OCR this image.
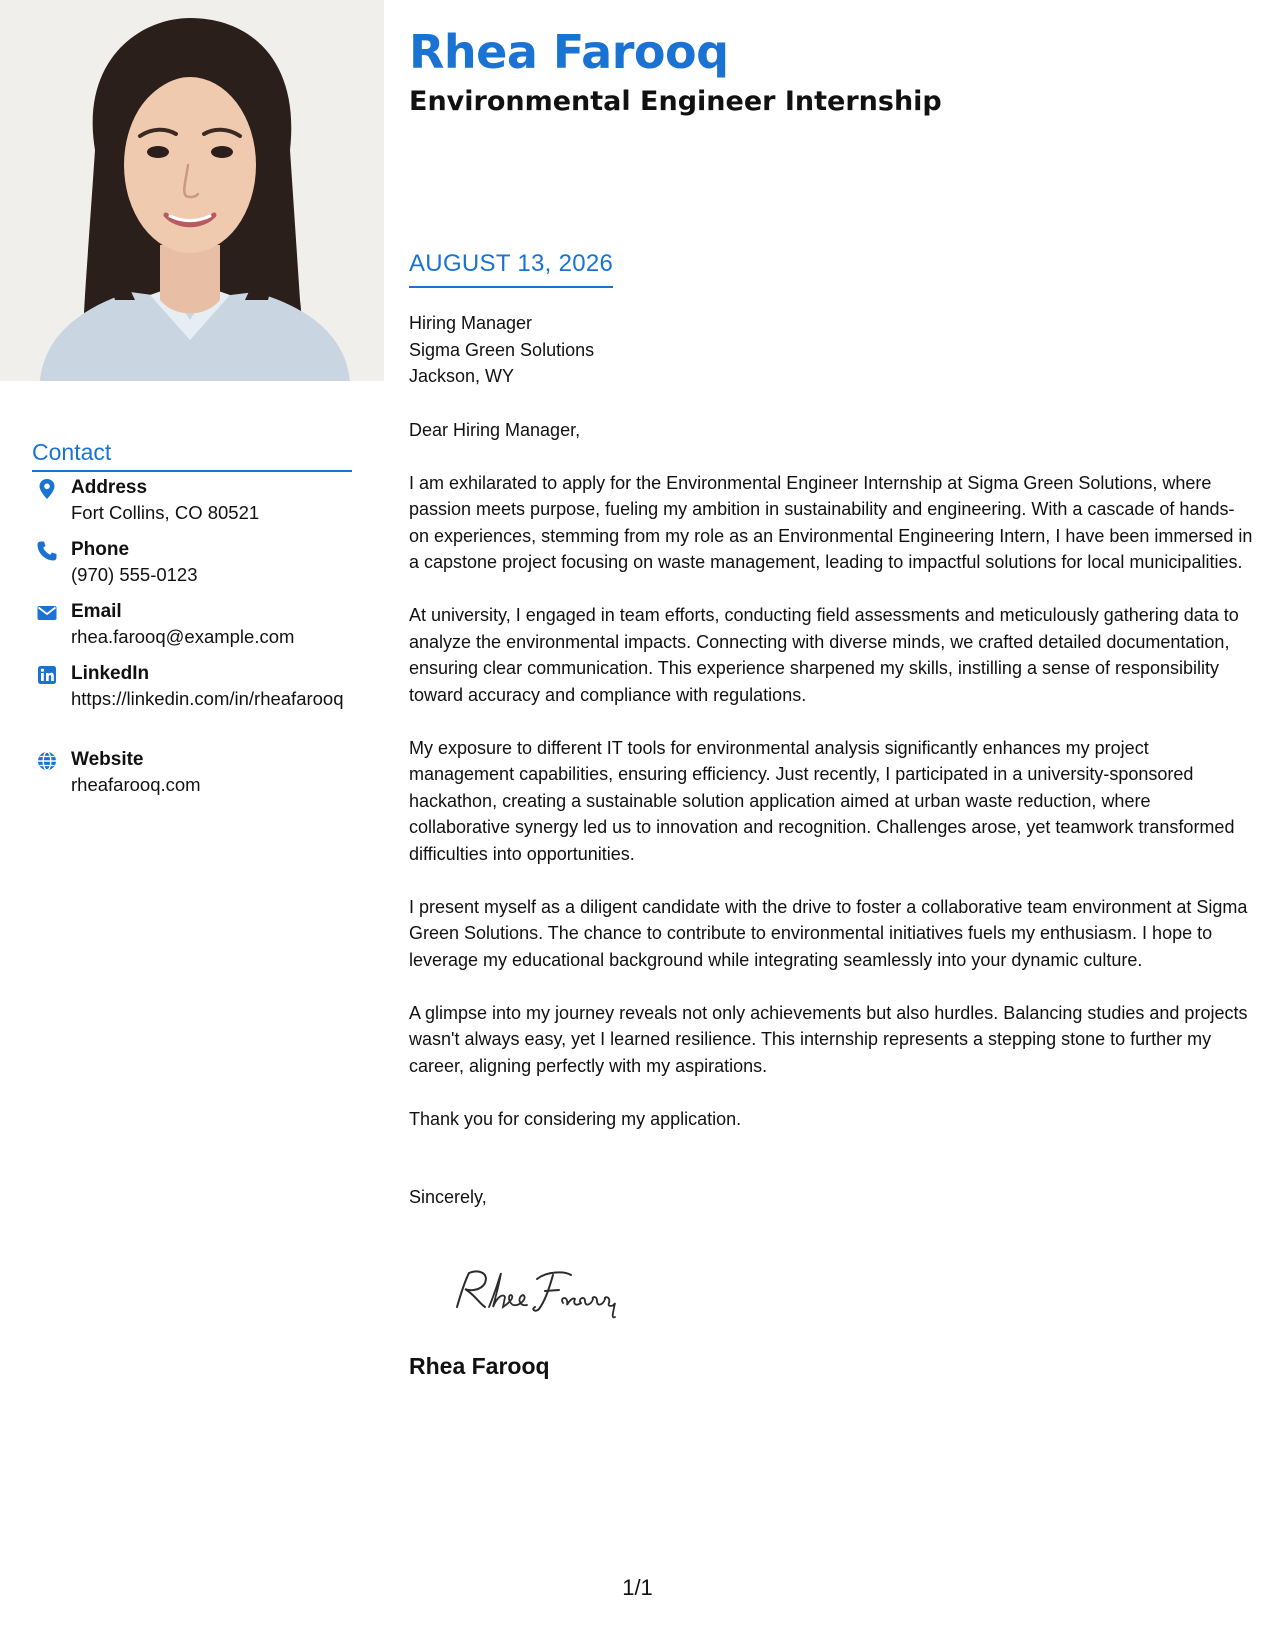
Rhea Farooq
Environmental Engineer Internship
AUGUST 13, 2026

Hiring Manager

Sigma Green Solutions

Jackson, WY

Dear Hiring Manager,

I am exhilarated to apply for the Environmental Engineer Internship at Sigma Green Solutions, where passion meets purpose, fueling my ambition in sustainability and engineering. With a cascade of hands-on experiences, stemming from my role as an Environmental Engineering Intern, I have been immersed in a capstone project focusing on waste management, leading to impactful solutions for local municipalities.

At university, I engaged in team efforts, conducting field assessments and meticulously gathering data to analyze the environmental impacts. Connecting with diverse minds, we crafted detailed documentation, ensuring clear communication. This experience sharpened my skills, instilling a sense of responsibility toward accuracy and compliance with regulations.

My exposure to different IT tools for environmental analysis significantly enhances my project management capabilities, ensuring efficiency. Just recently, I participated in a university-sponsored hackathon, creating a sustainable solution application aimed at urban waste reduction, where collaborative synergy led us to innovation and recognition. Challenges arose, yet teamwork transformed difficulties into opportunities.

I present myself as a diligent candidate with the drive to foster a collaborative team environment at Sigma Green Solutions. The chance to contribute to environmental initiatives fuels my enthusiasm. I hope to leverage my educational background while integrating seamlessly into your dynamic culture.

A glimpse into my journey reveals not only achievements but also hurdles. Balancing studies and projects wasn't always easy, yet I learned resilience. This internship represents a stepping stone to further my career, aligning perfectly with my aspirations.

Thank you for considering my application.

Sincerely,

Rhea Farooq
Contact
Address
Fort Collins, CO 80521
Phone
(970) 555-0123
Email
rhea.farooq@example.com
LinkedIn
https://linkedin.com/in/rheafarooq
Website
rheafarooq.com
1/1
